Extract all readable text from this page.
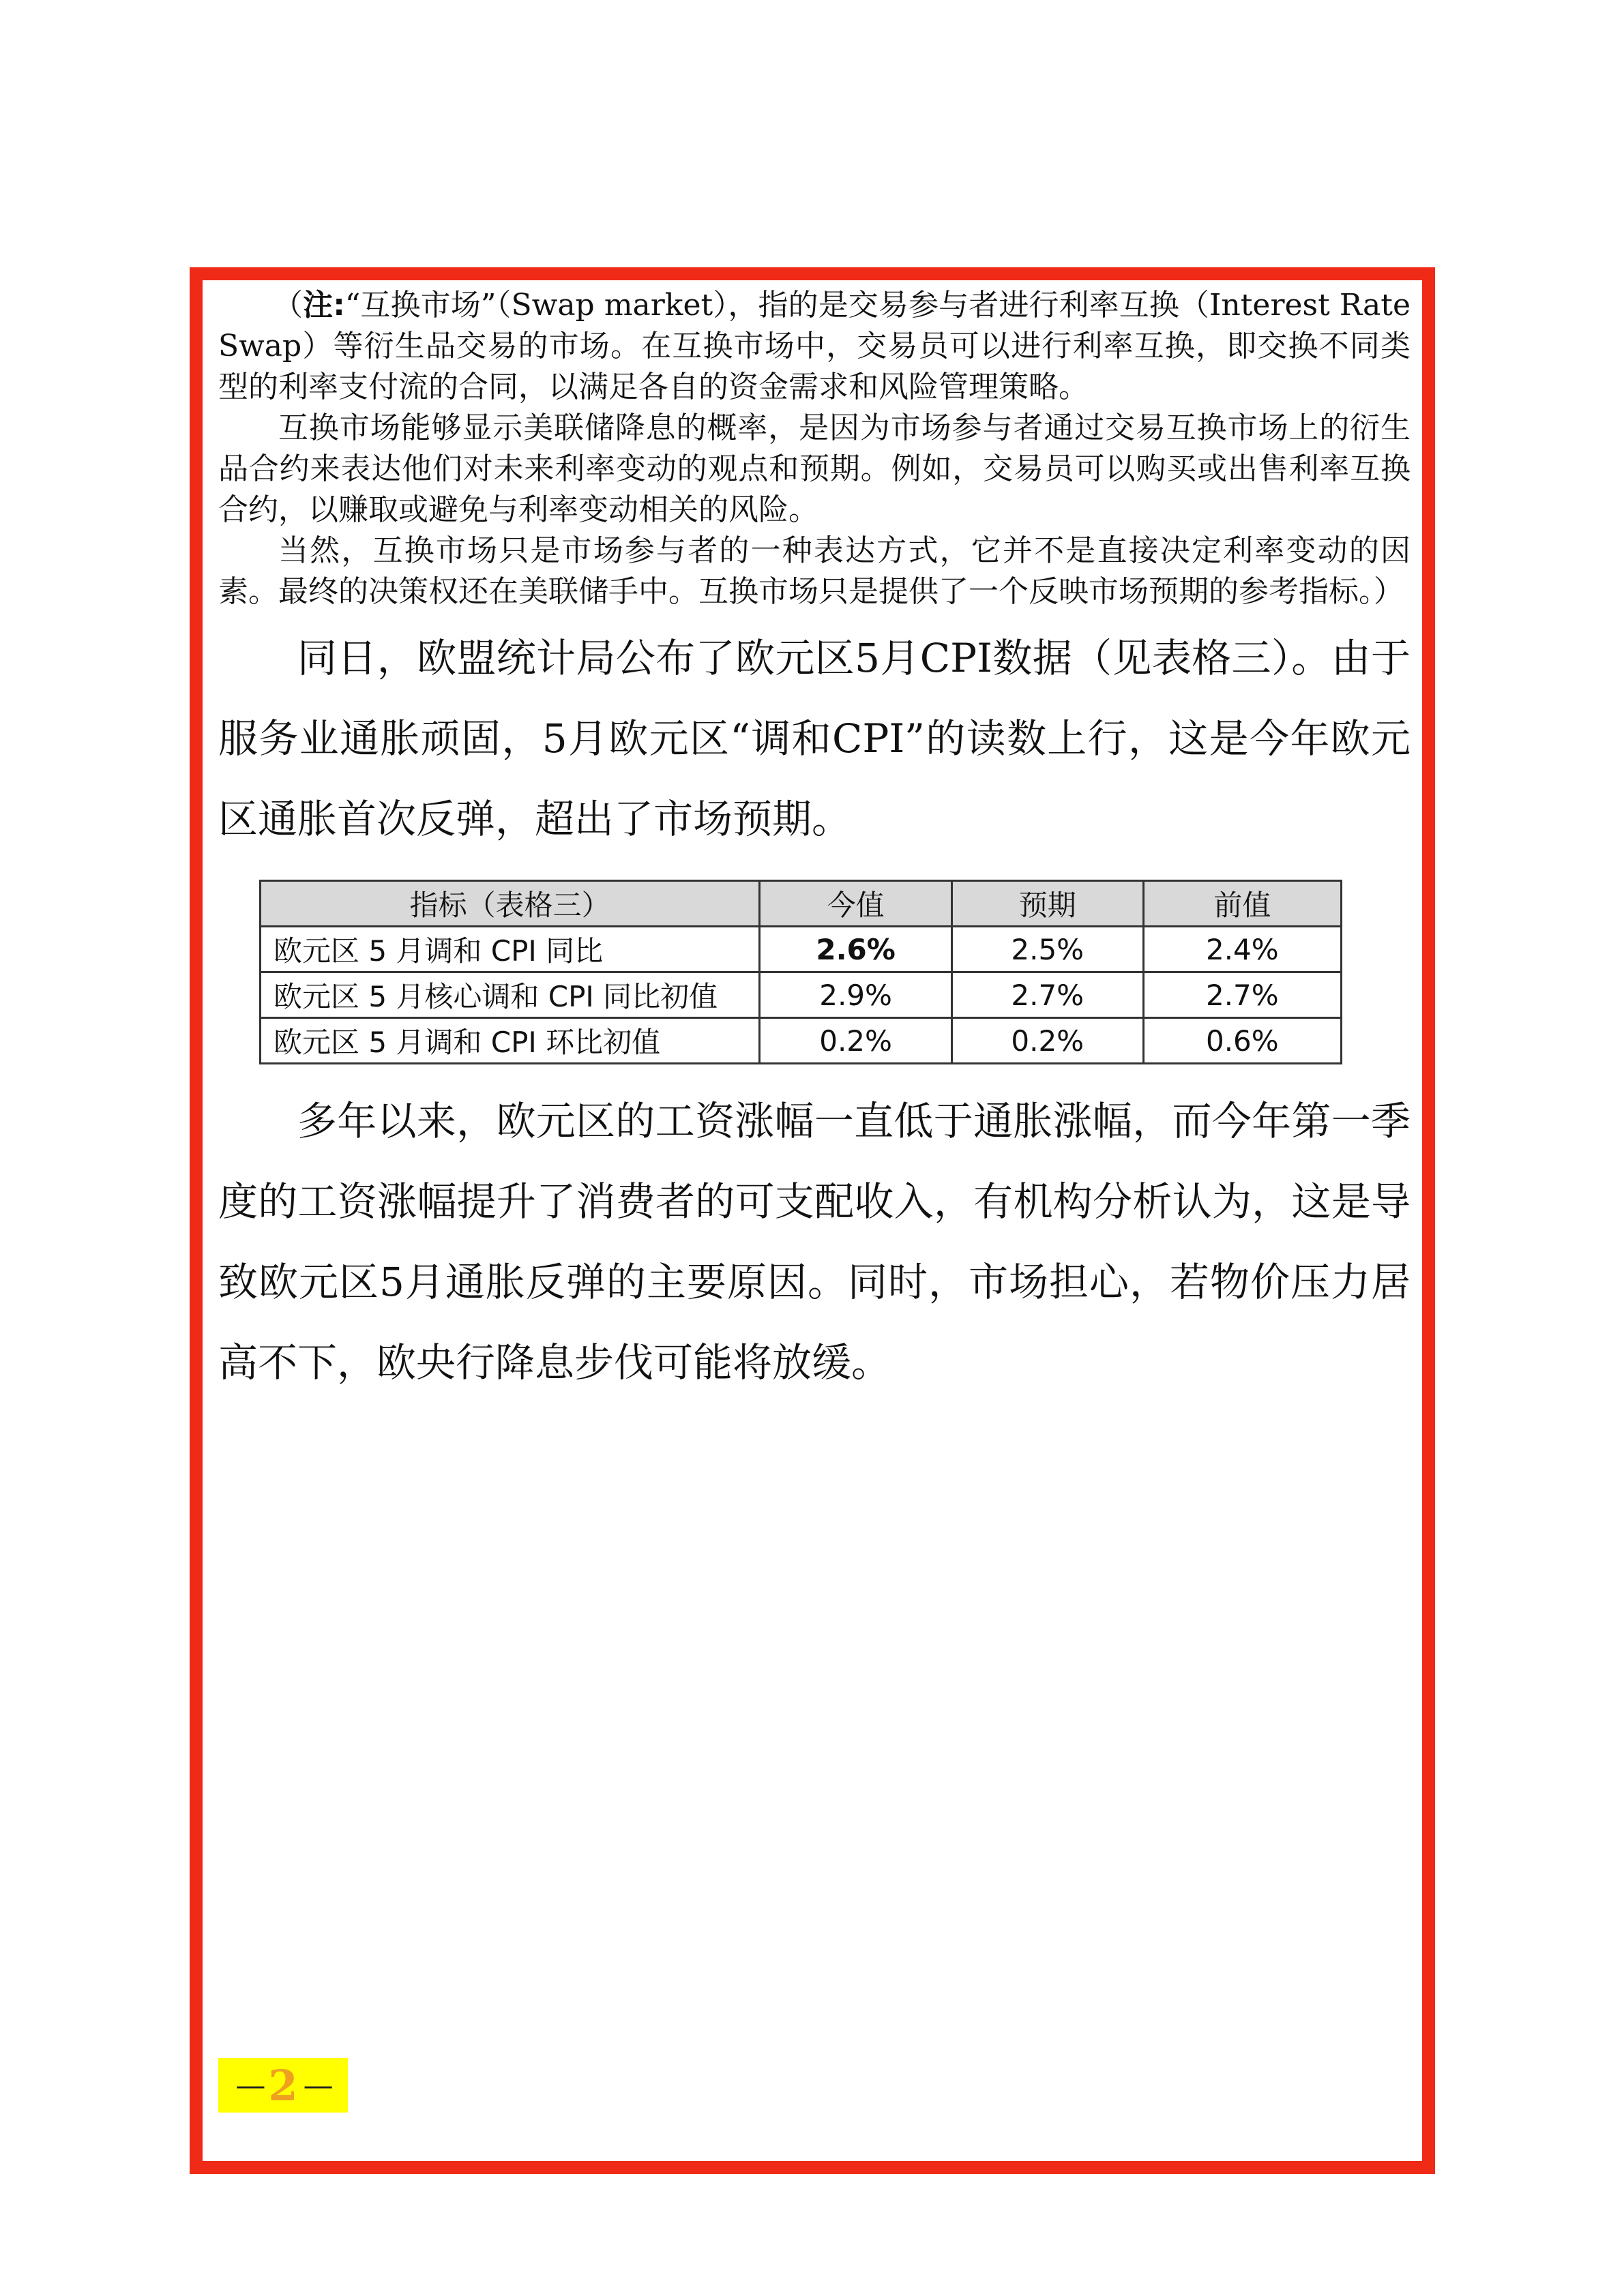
（注:“互换市场”（Swap market），指的是交易参与者进行利率互换（Interest Rate Swap）等衍生品交易的市场。在互换市场中，交易员可以进行利率互换，即交换不同类型的利率支付流的合同，以满足各自的资金需求和风险管理策略。

互换市场能够显示美联储降息的概率，是因为市场参与者通过交易互换市场上的衍生品合约来表达他们对未来利率变动的观点和预期。例如，交易员可以购买或出售利率互换合约，以赚取或避免与利率变动相关的风险。

当然，互换市场只是市场参与者的一种表达方式，它并不是直接决定利率变动的因素。最终的决策权还在美联储手中。互换市场只是提供了一个反映市场预期的参考指标。）

同日，欧盟统计局公布了欧元区5月CPI数据（见表格三）。由于服务业通胀顽固，5月欧元区“调和CPI”的读数上行，这是今年欧元区通胀首次反弹，超出了市场预期。

指标（表格三）	今值	预期	前值
欧元区 5 月调和 CPI 同比	2.6%	2.5%	2.4%
欧元区 5 月核心调和 CPI 同比初值	2.9%	2.7%	2.7%
欧元区 5 月调和 CPI 环比初值	0.2%	0.2%	0.6%

多年以来，欧元区的工资涨幅一直低于通胀涨幅，而今年第一季度的工资涨幅提升了消费者的可支配收入，有机构分析认为，这是导致欧元区5月通胀反弹的主要原因。同时，市场担心，若物价压力居高不下，欧央行降息步伐可能将放缓。

— 2 —
